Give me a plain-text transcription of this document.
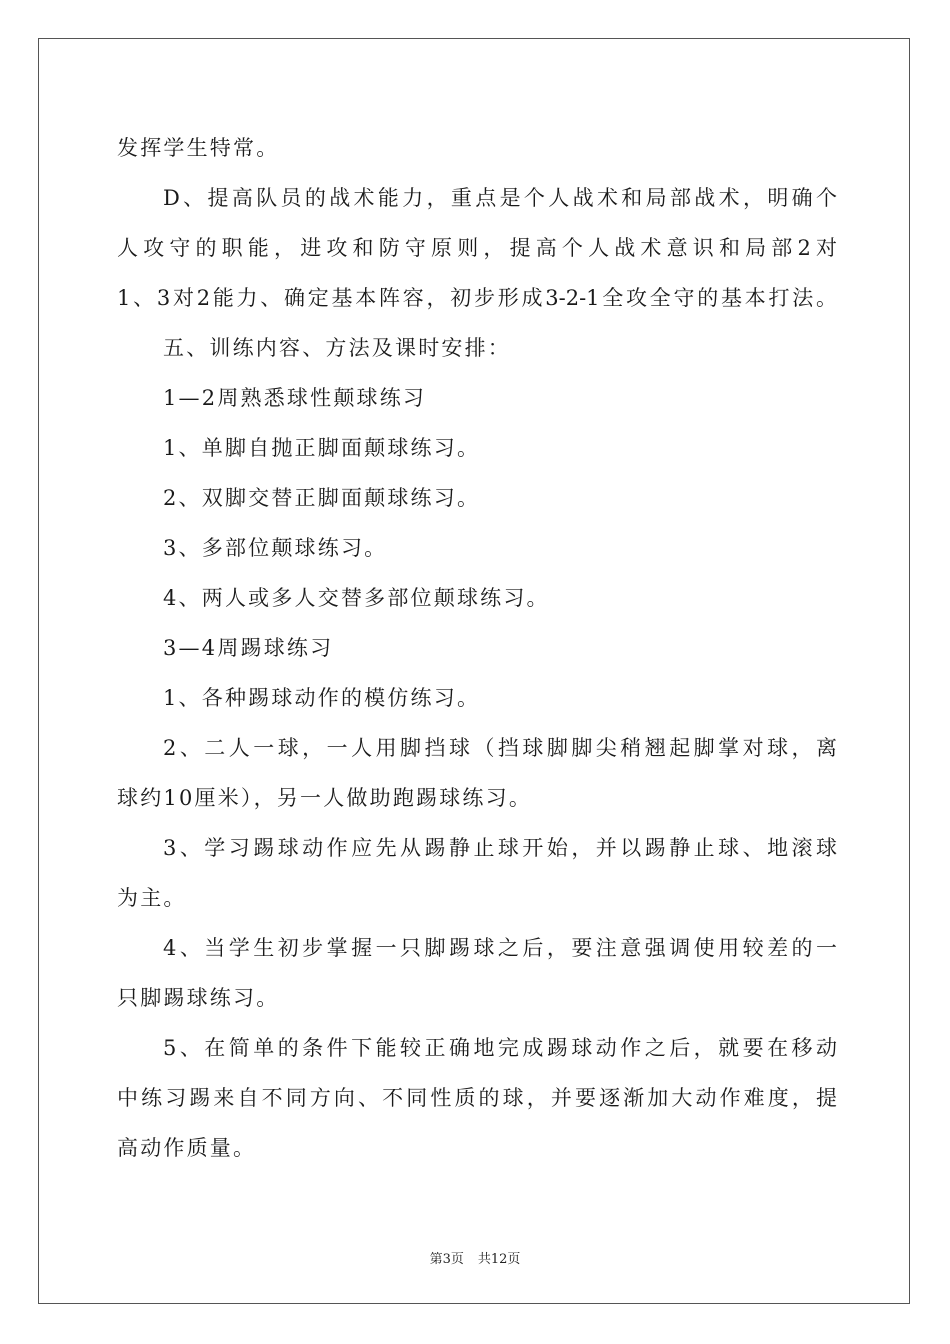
发挥学生特常。
D、提高队员的战术能力，重点是个人战术和局部战术，明确个
人攻守的职能，进攻和防守原则，提高个人战术意识和局部2对
1、3对2能力、确定基本阵容，初步形成3-2-1全攻全守的基本打法。
五、训练内容、方法及课时安排：
1—2周熟悉球性颠球练习
1、单脚自抛正脚面颠球练习。
2、双脚交替正脚面颠球练习。
3、多部位颠球练习。
4、两人或多人交替多部位颠球练习。
3—4周踢球练习
1、各种踢球动作的模仿练习。
2、二人一球，一人用脚挡球（挡球脚脚尖稍翘起脚掌对球，离
球约10厘米），另一人做助跑踢球练习。
3、学习踢球动作应先从踢静止球开始，并以踢静止球、地滚球
为主。
4、当学生初步掌握一只脚踢球之后，要注意强调使用较差的一
只脚踢球练习。
5、在简单的条件下能较正确地完成踢球动作之后，就要在移动
中练习踢来自不同方向、不同性质的球，并要逐渐加大动作难度，提
高动作质量。
第3页 共12页
